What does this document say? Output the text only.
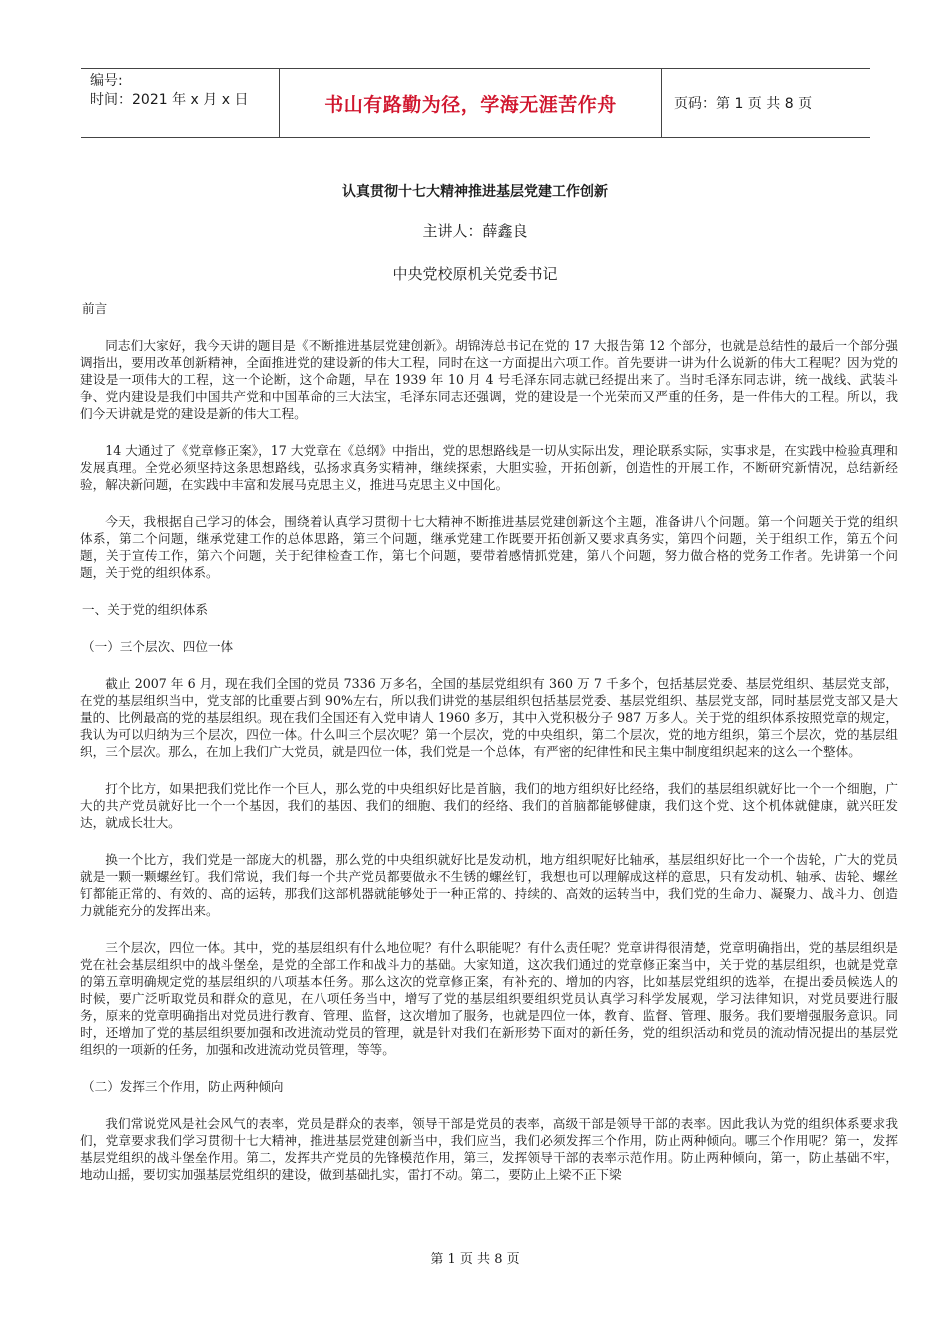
编号:
时间：2021 年 x 月 x 日	书山有路勤为径，学海无涯苦作舟	页码：第 1 页 共 8 页
认真贯彻十七大精神推进基层党建工作创新
主讲人：薛鑫良
中央党校原机关党委书记

前言

同志们大家好，我今天讲的题目是《不断推进基层党建创新》。胡锦涛总书记在党的 17 大报告第 12 个部分，也就是总结性的最后一个部分强调指出，要用改革创新精神，全面推进党的建设新的伟大工程，同时在这一方面提出六项工作。首先要讲一讲为什么说新的伟大工程呢？因为党的建设是一项伟大的工程，这一个论断，这个命题，早在 1939 年 10 月 4 号毛泽东同志就已经提出来了。当时毛泽东同志讲，统一战线、武装斗争、党内建设是我们中国共产党和中国革命的三大法宝，毛泽东同志还强调，党的建设是一个光荣而又严重的任务，是一件伟大的工程。所以，我们今天讲就是党的建设是新的伟大工程。

14 大通过了《党章修正案》，17 大党章在《总纲》中指出，党的思想路线是一切从实际出发，理论联系实际，实事求是，在实践中检验真理和发展真理。全党必须坚持这条思想路线，弘扬求真务实精神，继续探索，大胆实验，开拓创新，创造性的开展工作，不断研究新情况，总结新经验，解决新问题，在实践中丰富和发展马克思主义，推进马克思主义中国化。

今天，我根据自己学习的体会，围绕着认真学习贯彻十七大精神不断推进基层党建创新这个主题，准备讲八个问题。第一个问题关于党的组织体系，第二个问题，继承党建工作的总体思路，第三个问题，继承党建工作既要开拓创新又要求真务实，第四个问题，关于组织工作，第五个问题，关于宣传工作，第六个问题，关于纪律检查工作，第七个问题，要带着感情抓党建，第八个问题，努力做合格的党务工作者。先讲第一个问题，关于党的组织体系。

一、关于党的组织体系

（一）三个层次、四位一体

截止 2007 年 6 月，现在我们全国的党员 7336 万多名，全国的基层党组织有 360 万 7 千多个，包括基层党委、基层党组织、基层党支部，在党的基层组织当中，党支部的比重要占到 90%左右，所以我们讲党的基层组织包括基层党委、基层党组织、基层党支部，同时基层党支部又是大量的、比例最高的党的基层组织。现在我们全国还有入党申请人 1960 多万，其中入党积极分子 987 万多人。关于党的组织体系按照党章的规定，我认为可以归纳为三个层次，四位一体。什么叫三个层次呢？第一个层次，党的中央组织，第二个层次，党的地方组织，第三个层次，党的基层组织，三个层次。那么，在加上我们广大党员，就是四位一体，我们党是一个总体，有严密的纪律性和民主集中制度组织起来的这么一个整体。

打个比方，如果把我们党比作一个巨人，那么党的中央组织好比是首脑，我们的地方组织好比经络，我们的基层组织就好比一个一个细胞，广大的共产党员就好比一个一个基因，我们的基因、我们的细胞、我们的经络、我们的首脑都能够健康，我们这个党、这个机体就健康，就兴旺发达，就成长壮大。

换一个比方，我们党是一部庞大的机器，那么党的中央组织就好比是发动机，地方组织呢好比轴承，基层组织好比一个一个齿轮，广大的党员就是一颗一颗螺丝钉。我们常说，我们每一个共产党员都要做永不生锈的螺丝钉，我想也可以理解成这样的意思，只有发动机、轴承、齿轮、螺丝钉都能正常的、有效的、高的运转，那我们这部机器就能够处于一种正常的、持续的、高效的运转当中，我们党的生命力、凝聚力、战斗力、创造力就能充分的发挥出来。

三个层次，四位一体。其中，党的基层组织有什么地位呢？有什么职能呢？有什么责任呢？党章讲得很清楚，党章明确指出，党的基层组织是党在社会基层组织中的战斗堡垒，是党的全部工作和战斗力的基础。大家知道，这次我们通过的党章修正案当中，关于党的基层组织，也就是党章的第五章明确规定党的基层组织的八项基本任务。那么这次的党章修正案，有补充的、增加的内容，比如基层党组织的选举，在提出委员候选人的时候，要广泛听取党员和群众的意见，在八项任务当中，增写了党的基层组织要组织党员认真学习科学发展观，学习法律知识，对党员要进行服务，原来的党章明确指出对党员进行教育、管理、监督，这次增加了服务，也就是四位一体，教育、监督、管理、服务。我们要增强服务意识。同时，还增加了党的基层组织要加强和改进流动党员的管理，就是针对我们在新形势下面对的新任务，党的组织活动和党员的流动情况提出的基层党组织的一项新的任务，加强和改进流动党员管理，等等。

（二）发挥三个作用，防止两种倾向

我们常说党风是社会风气的表率，党员是群众的表率，领导干部是党员的表率，高级干部是领导干部的表率。因此我认为党的组织体系要求我们，党章要求我们学习贯彻十七大精神，推进基层党建创新当中，我们应当，我们必须发挥三个作用，防止两种倾向。哪三个作用呢？第一，发挥基层党组织的战斗堡垒作用。第二，发挥共产党员的先锋模范作用，第三，发挥领导干部的表率示范作用。防止两种倾向，第一，防止基础不牢，地动山摇，要切实加强基层党组织的建设，做到基础扎实，雷打不动。第二，要防止上梁不正下梁

第 1 页 共 8 页
